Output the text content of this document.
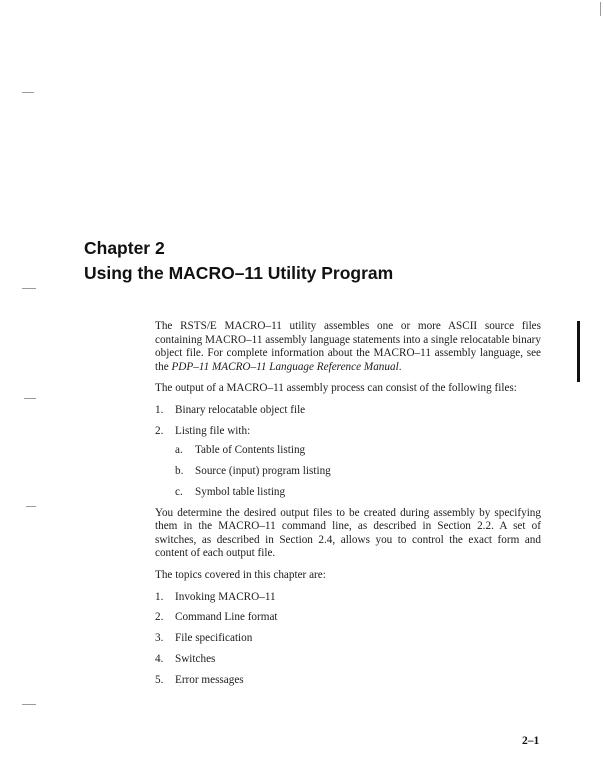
Chapter 2
Using the MACRO–11 Utility Program

The RSTS/E MACRO–11 utility assembles one or more ASCII source files containing MACRO–11 assembly language statements into a single relocatable binary object file. For complete information about the MACRO–11 assembly language, see the PDP–11 MACRO–11 Language Reference Manual.

The output of a MACRO–11 assembly process can consist of the following files:

1.	Binary relocatable object file
2.	Listing file with:
a.	Table of Contents listing
b.	Source (input) program listing
c.	Symbol table listing

You determine the desired output files to be created during assembly by specifying them in the MACRO–11 command line, as described in Section 2.2. A set of switches, as described in Section 2.4, allows you to control the exact form and content of each output file.

The topics covered in this chapter are:

1.	Invoking MACRO–11
2.	Command Line format
3.	File specification
4.	Switches
5.	Error messages
2–1
